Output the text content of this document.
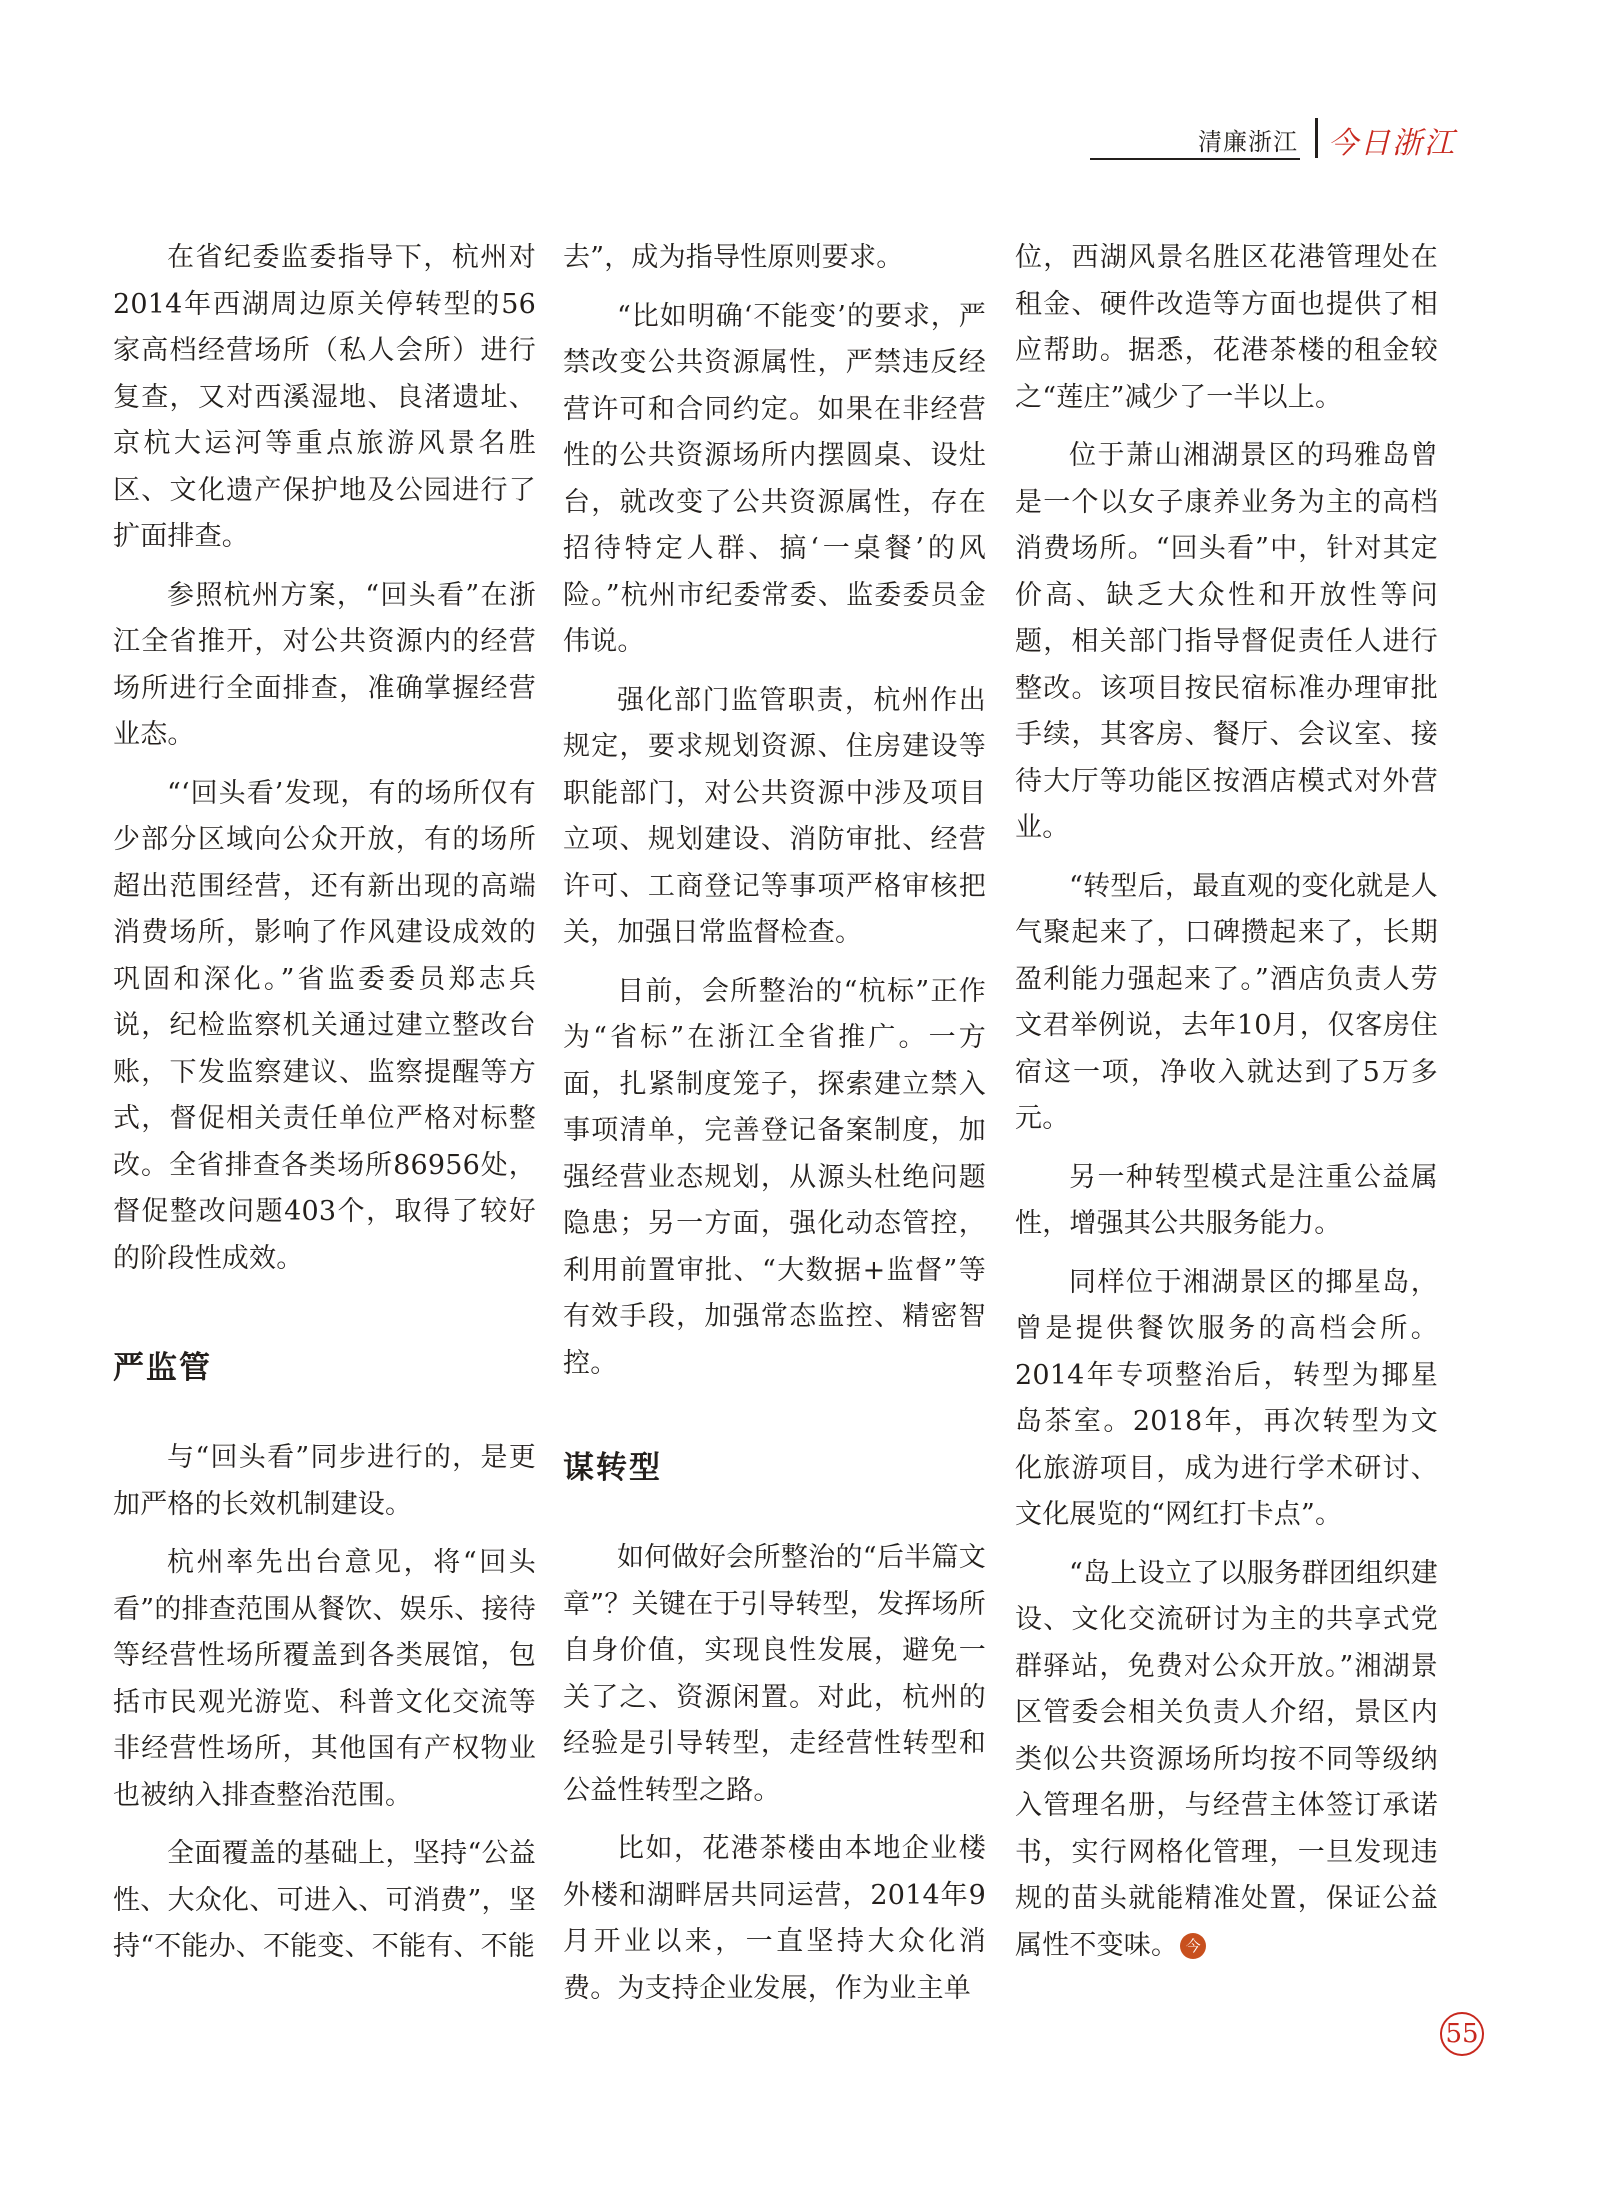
清廉浙江 今日浙江

在省纪委监委指导下，杭州对2014年西湖周边原关停转型的56家高档经营场所（私人会所）进行复查，又对西溪湿地、良渚遗址、京杭大运河等重点旅游风景名胜区、文化遗产保护地及公园进行了扩面排查。

参照杭州方案，“回头看”在浙江全省推开，对公共资源内的经营场所进行全面排查，准确掌握经营业态。

“‘回头看’发现，有的场所仅有少部分区域向公众开放，有的场所超出范围经营，还有新出现的高端消费场所，影响了作风建设成效的巩固和深化。”省监委委员郑志兵说，纪检监察机关通过建立整改台账，下发监察建议、监察提醒等方式，督促相关责任单位严格对标整改。全省排查各类场所86956处，督促整改问题403个，取得了较好的阶段性成效。

严监管

与“回头看”同步进行的，是更加严格的长效机制建设。

杭州率先出台意见，将“回头看”的排查范围从餐饮、娱乐、接待等经营性场所覆盖到各类展馆，包括市民观光游览、科普文化交流等非经营性场所，其他国有产权物业也被纳入排查整治范围。

全面覆盖的基础上，坚持“公益性、大众化、可进入、可消费”，坚持“不能办、不能变、不能有、不能

去”，成为指导性原则要求。

“比如明确‘不能变’的要求，严禁改变公共资源属性，严禁违反经营许可和合同约定。如果在非经营性的公共资源场所内摆圆桌、设灶台，就改变了公共资源属性，存在招待特定人群、搞‘一桌餐’的风险。”杭州市纪委常委、监委委员金伟说。

强化部门监管职责，杭州作出规定，要求规划资源、住房建设等职能部门，对公共资源中涉及项目立项、规划建设、消防审批、经营许可、工商登记等事项严格审核把关，加强日常监督检查。

目前，会所整治的“杭标”正作为“省标”在浙江全省推广。一方面，扎紧制度笼子，探索建立禁入事项清单，完善登记备案制度，加强经营业态规划，从源头杜绝问题隐患；另一方面，强化动态管控，利用前置审批、“大数据+监督”等有效手段，加强常态监控、精密智控。

谋转型

如何做好会所整治的“后半篇文章”？关键在于引导转型，发挥场所自身价值，实现良性发展，避免一关了之、资源闲置。对此，杭州的经验是引导转型，走经营性转型和公益性转型之路。

比如，花港茶楼由本地企业楼外楼和湖畔居共同运营，2014年9月开业以来，一直坚持大众化消费。为支持企业发展，作为业主单

位，西湖风景名胜区花港管理处在租金、硬件改造等方面也提供了相应帮助。据悉，花港茶楼的租金较之“莲庄”减少了一半以上。

位于萧山湘湖景区的玛雅岛曾是一个以女子康养业务为主的高档消费场所。“回头看”中，针对其定价高、缺乏大众性和开放性等问题，相关部门指导督促责任人进行整改。该项目按民宿标准办理审批手续，其客房、餐厅、会议室、接待大厅等功能区按酒店模式对外营业。

“转型后，最直观的变化就是人气聚起来了，口碑攒起来了，长期盈利能力强起来了。”酒店负责人劳文君举例说，去年10月，仅客房住宿这一项，净收入就达到了5万多元。

另一种转型模式是注重公益属性，增强其公共服务能力。

同样位于湘湖景区的揶星岛，曾是提供餐饮服务的高档会所。2014年专项整治后，转型为揶星岛茶室。2018年，再次转型为文化旅游项目，成为进行学术研讨、文化展览的“网红打卡点”。

“岛上设立了以服务群团组织建设、文化交流研讨为主的共享式党群驿站，免费对公众开放。”湘湖景区管委会相关负责人介绍，景区内类似公共资源场所均按不同等级纳入管理名册，与经营主体签订承诺书，实行网格化管理，一旦发现违规的苗头就能精准处置，保证公益属性不变味。 今

55
